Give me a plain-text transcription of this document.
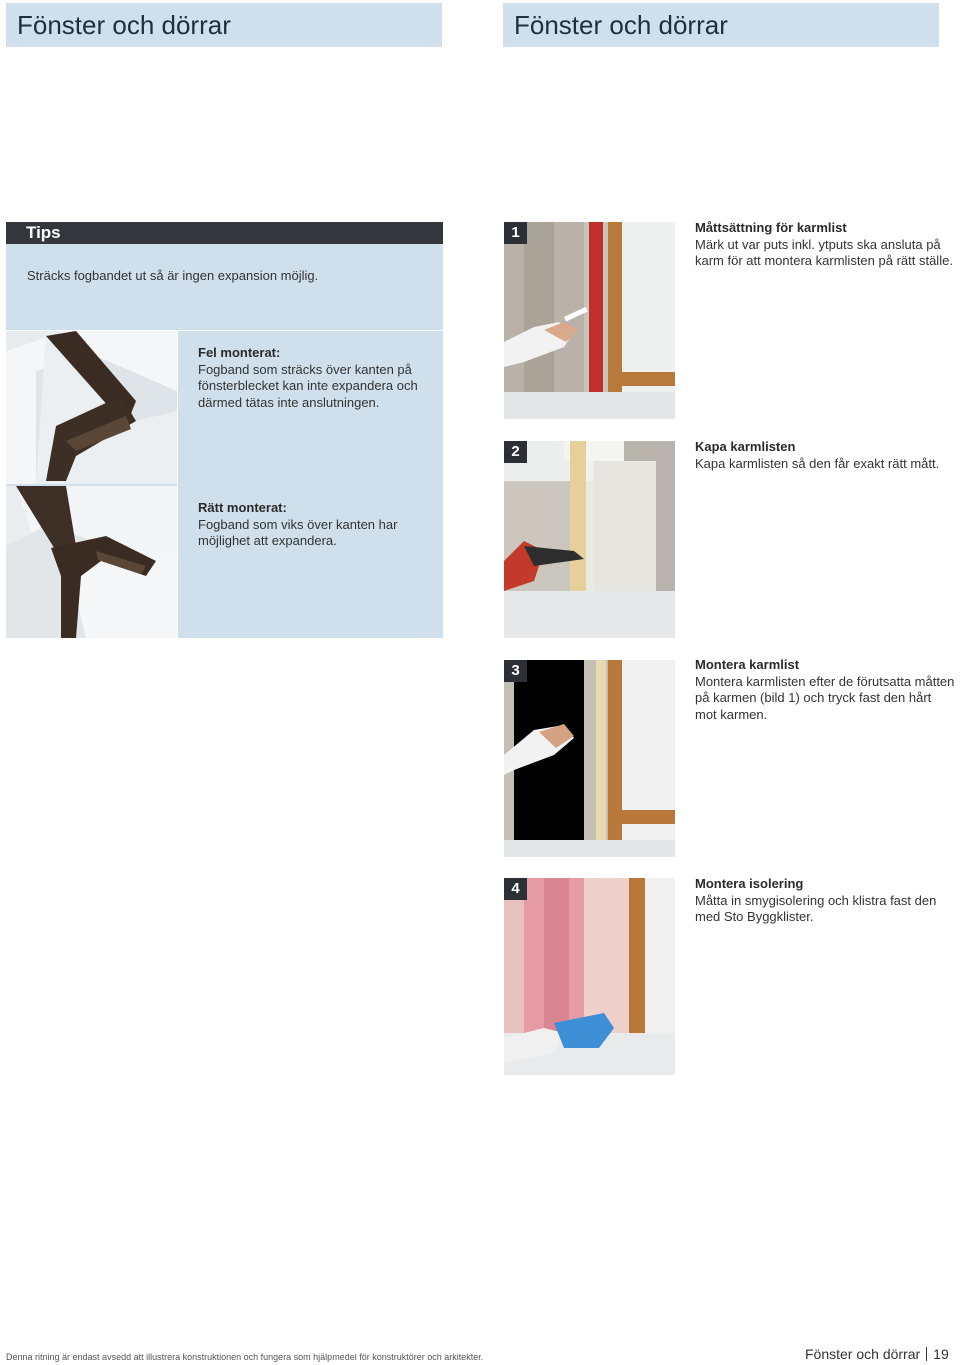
Fönster och dörrar	Fönster och dörrar
Tips
Sträcks fogbandet ut så är ingen expansion möjlig.
Fel monterat:
Fogband som sträcks över kanten på fönsterblecket kan inte expandera och därmed tätas inte anslutningen.
Rätt monterat:
Fogband som viks över kanten har möjlighet att expandera.
1	Måttsättning för karmlist
Märk ut var puts inkl. ytputs ska ansluta på karm för att montera karmlisten på rätt ställe.
2	Kapa karmlisten
Kapa karmlisten så den får exakt rätt mått.
3	Montera karmlist
Montera karmlisten efter de förutsatta måtten på karmen (bild 1) och tryck fast den hårt mot karmen.
4	Montera isolering
Måtta in smygisolering och klistra fast den med Sto Byggklister.
Denna ritning är endast avsedd att illustrera konstruktionen och fungera som hjälpmedel för konstruktörer och arkitekter.	Fönster och dörrar 19
